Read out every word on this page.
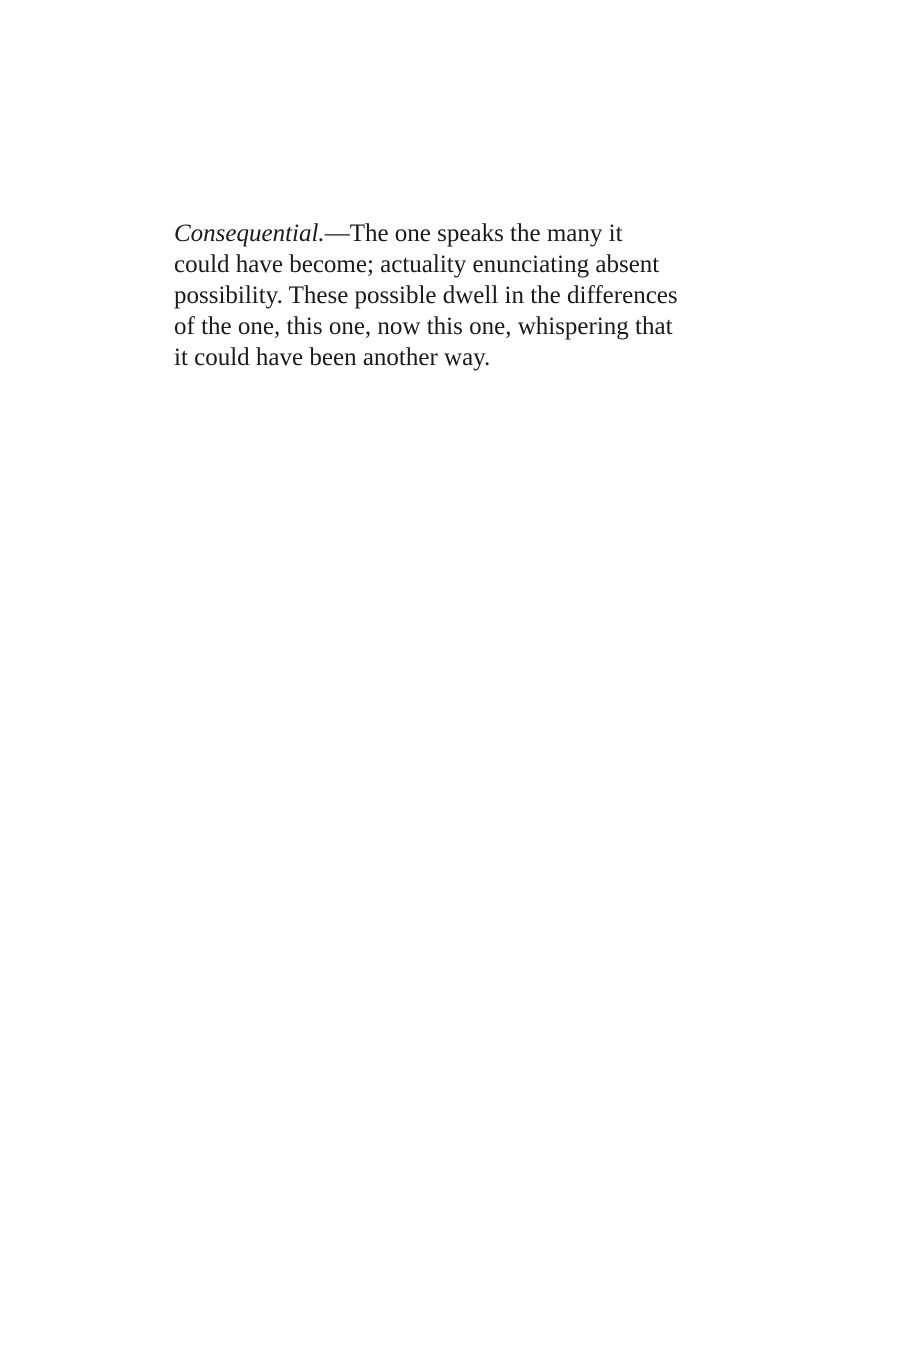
Consequential.—The one speaks the many it
could have become; actuality enunciating absent
possibility. These possible dwell in the differences
of the one, this one, now this one, whispering that
it could have been another way.
